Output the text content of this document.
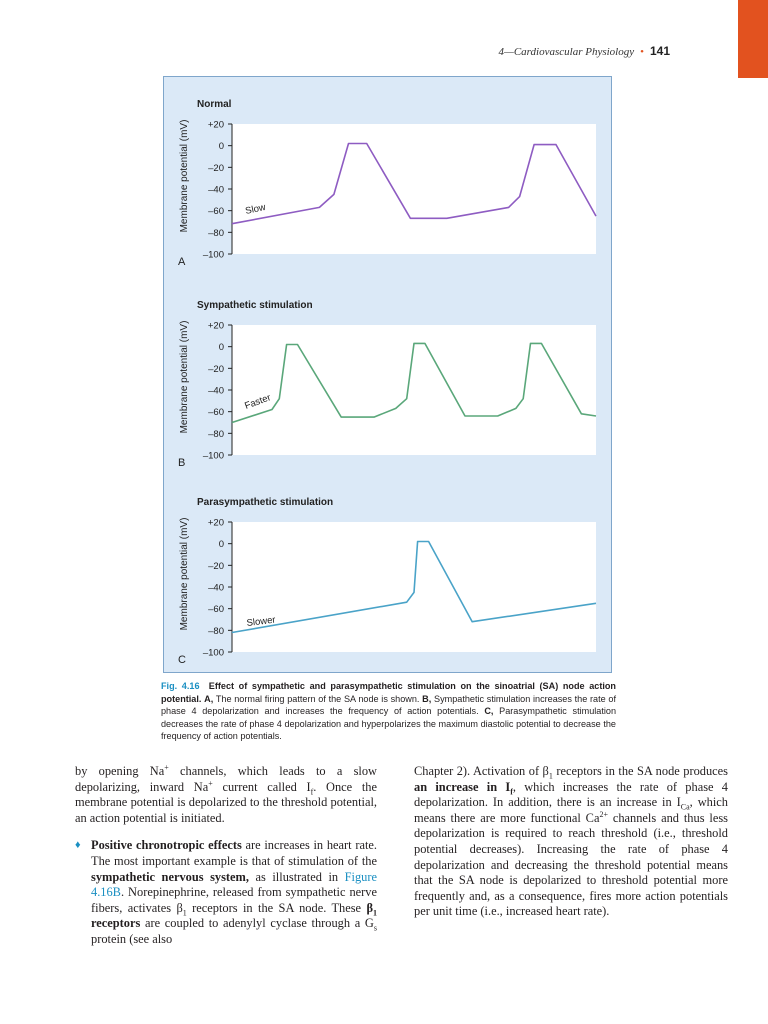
4—Cardiovascular Physiology • 141
Normal
+20
0
–20
–40
–60
–80
–100
Membrane potential (mV)
A
Slow
Sympathetic stimulation
+20
0
–20
–40
–60
–80
–100
Membrane potential (mV)
B
Faster
Parasympathetic stimulation
+20
0
–20
–40
–60
–80
–100
Membrane potential (mV)
C
Slower
Fig. 4.16 Effect of sympathetic and parasympathetic stimulation on the sinoatrial (SA) node action potential. A, The normal firing pattern of the SA node is shown. B, Sympathetic stimulation increases the rate of phase 4 depolarization and increases the frequency of action potentials. C, Parasympathetic stimulation decreases the rate of phase 4 depolarization and hyperpolarizes the maximum diastolic potential to decrease the frequency of action potentials.

by opening Na+ channels, which leads to a slow depolarizing, inward Na+ current called $I_f$. Once the membrane potential is depolarized to the threshold potential, an action potential is initiated.

♦ Positive chronotropic effects are increases in heart rate. The most important example is that of stimulation of the sympathetic nervous system, as illustrated in Figure 4.16B. Norepinephrine, released from sympathetic nerve fibers, activates $\beta_1$ receptors in the SA node. These $\beta_1$ receptors are coupled to adenylyl cyclase through a $G_s$ protein (see also

Chapter 2). Activation of $\beta_1$ receptors in the SA node produces an increase in $I_f$, which increases the rate of phase 4 depolarization. In addition, there is an increase in $I_{Ca}$, which means there are more functional $Ca^{2+}$ channels and thus less depolarization is required to reach threshold (i.e., threshold potential decreases). Increasing the rate of phase 4 depolarization and decreasing the threshold potential means that the SA node is depolarized to threshold potential more frequently and, as a consequence, fires more action potentials per unit time (i.e., increased heart rate).
